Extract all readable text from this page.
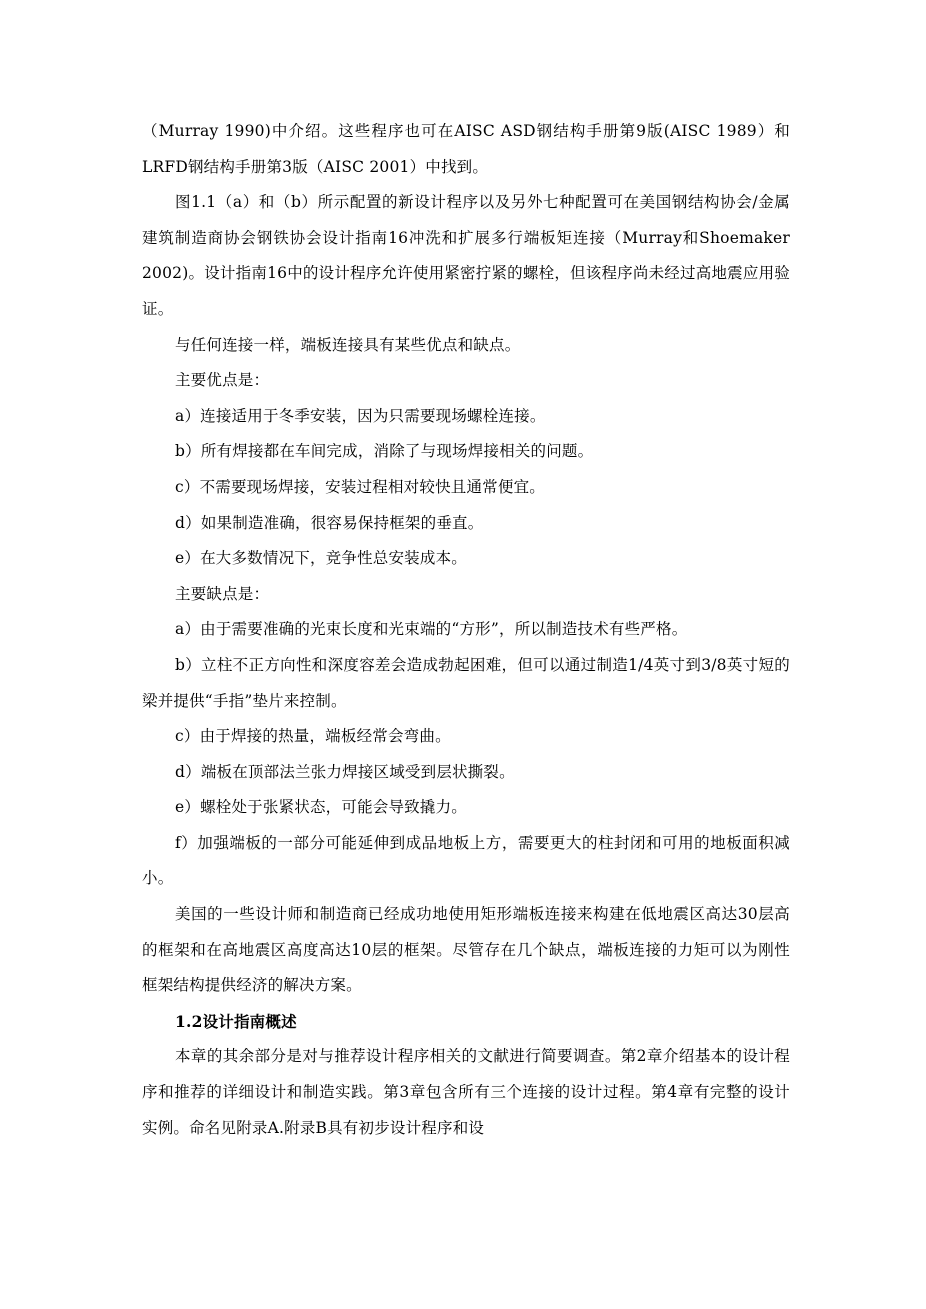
（Murray 1990)中介绍。这些程序也可在AISC ASD钢结构手册第9版(AISC 1989）和LRFD钢结构手册第3版（AISC 2001）中找到。

图1.1（a）和（b）所示配置的新设计程序以及另外七种配置可在美国钢结构协会/金属建筑制造商协会钢铁协会设计指南16冲洗和扩展多行端板矩连接（Murray和Shoemaker 2002)。设计指南16中的设计程序允许使用紧密拧紧的螺栓，但该程序尚未经过高地震应用验证。

与任何连接一样，端板连接具有某些优点和缺点。

主要优点是：

a）连接适用于冬季安装，因为只需要现场螺栓连接。

b）所有焊接都在车间完成，消除了与现场焊接相关的问题。

c）不需要现场焊接，安装过程相对较快且通常便宜。

d）如果制造准确，很容易保持框架的垂直。

e）在大多数情况下，竞争性总安装成本。

主要缺点是：

a）由于需要准确的光束长度和光束端的“方形”，所以制造技术有些严格。

b）立柱不正方向性和深度容差会造成勃起困难，但可以通过制造1/4英寸到3/8英寸短的梁并提供“手指”垫片来控制。

c）由于焊接的热量，端板经常会弯曲。

d）端板在顶部法兰张力焊接区域受到层状撕裂。

e）螺栓处于张紧状态，可能会导致撬力。

f）加强端板的一部分可能延伸到成品地板上方，需要更大的柱封闭和可用的地板面积减小。

美国的一些设计师和制造商已经成功地使用矩形端板连接来构建在低地震区高达30层高的框架和在高地震区高度高达10层的框架。尽管存在几个缺点，端板连接的力矩可以为刚性框架结构提供经济的解决方案。

1.2设计指南概述

本章的其余部分是对与推荐设计程序相关的文献进行简要调查。第2章介绍基本的设计程序和推荐的详细设计和制造实践。第3章包含所有三个连接的设计过程。第4章有完整的设计实例。命名见附录A.附录B具有初步设计程序和设
